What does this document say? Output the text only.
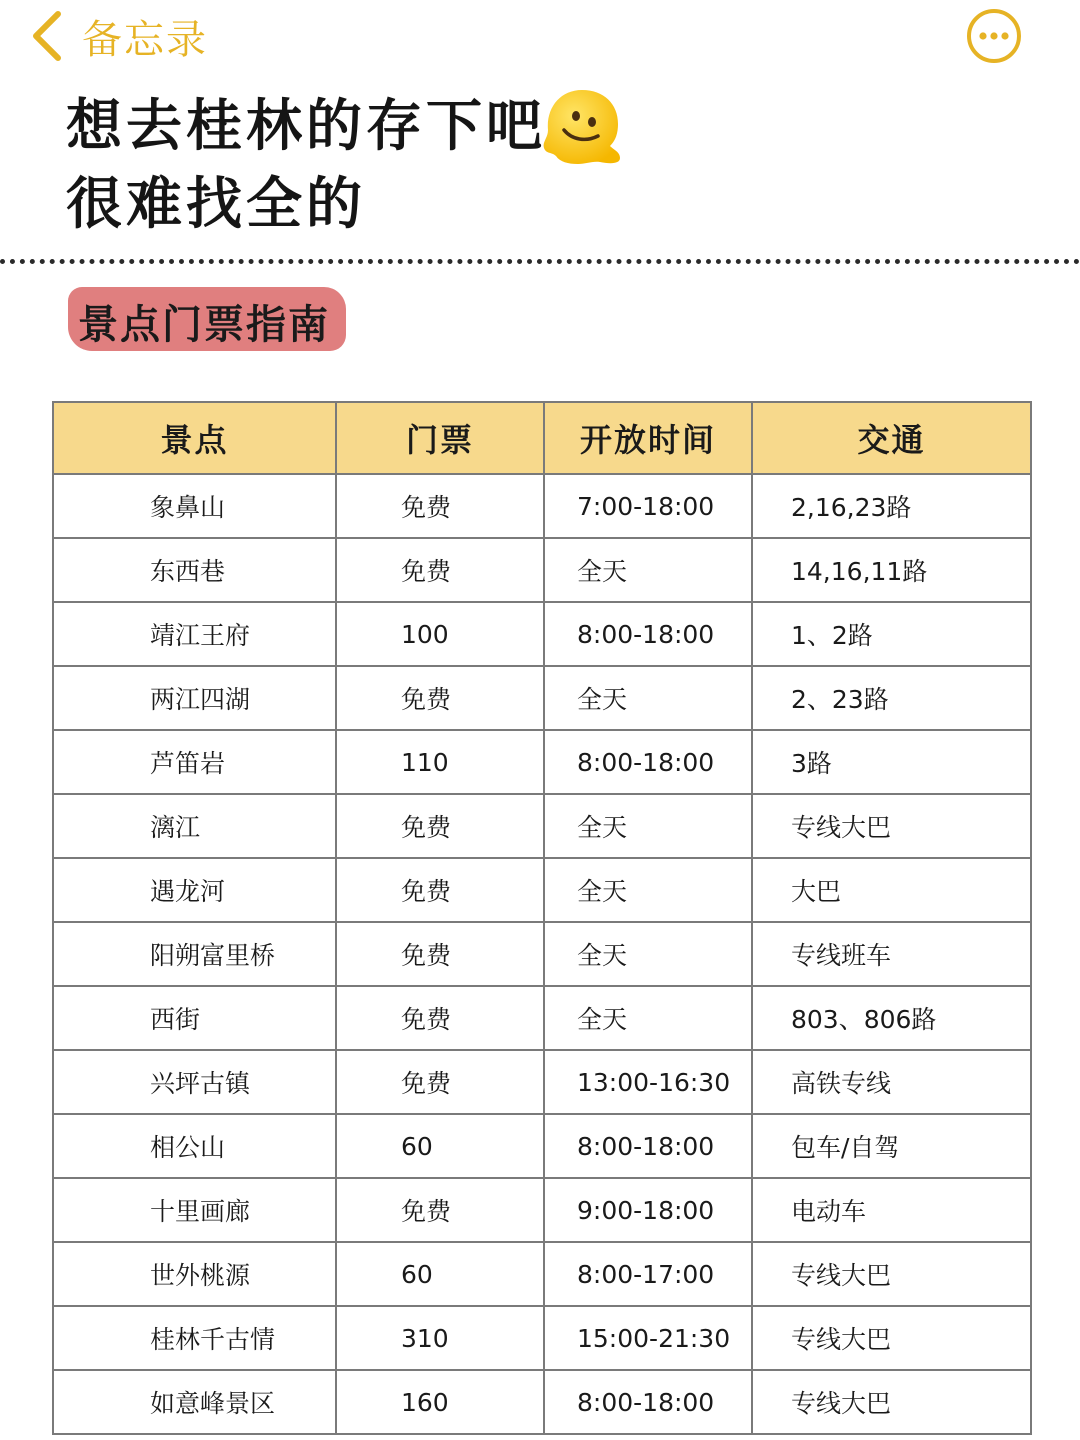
备忘录
想去桂林的存下吧
很难找全的
景点门票指南
景点	门票	开放时间	交通
象鼻山	免费	7:00-18:00	2,16,23路
东西巷	免费	全天	14,16,11路
靖江王府	100	8:00-18:00	1、2路
两江四湖	免费	全天	2、23路
芦笛岩	110	8:00-18:00	3路
漓江	免费	全天	专线大巴
遇龙河	免费	全天	大巴
阳朔富里桥	免费	全天	专线班车
西街	免费	全天	803、806路
兴坪古镇	免费	13:00-16:30	高铁专线
相公山	60	8:00-18:00	包车/自驾
十里画廊	免费	9:00-18:00	电动车
世外桃源	60	8:00-17:00	专线大巴
桂林千古情	310	15:00-21:30	专线大巴
如意峰景区	160	8:00-18:00	专线大巴
